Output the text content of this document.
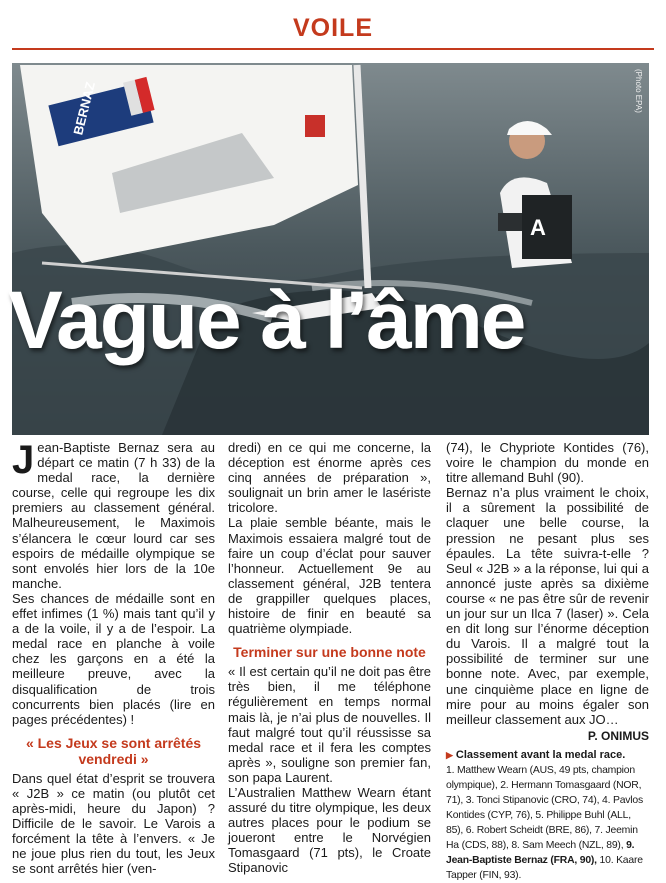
VOILE
BERNAZ
A
(Photo EPA)
Vague à l’âme

Jean-Baptiste Bernaz sera au départ ce matin (7 h 33) de la medal race, la dernière course, celle qui regroupe les dix premiers au classement général. Malheureusement, le Maximois s’élancera le cœur lourd car ses espoirs de médaille olympique se sont envolés hier lors de la 10e manche.

Ses chances de médaille sont en effet infimes (1 %) mais tant qu’il y a de la voile, il y a de l’espoir. La medal race en planche à voile chez les garçons en a été la meilleure preuve, avec la disqualification de trois concurrents bien placés (lire en pages précédentes) !

« Les Jeux se sont arrêtés vendredi »

Dans quel état d’esprit se trouvera « J2B » ce matin (ou plutôt cet après-midi, heure du Japon) ? Difficile de le savoir. Le Varois a forcément la tête à l’envers. « Je ne joue plus rien du tout, les Jeux se sont arrêtés hier (ven-

dredi) en ce qui me concerne, la déception est énorme après ces cinq années de préparation », soulignait un brin amer le lasériste tricolore.

La plaie semble béante, mais le Maximois essaiera malgré tout de faire un coup d’éclat pour sauver l’honneur. Actuellement 9e au classement général, J2B tentera de grappiller quelques places, histoire de finir en beauté sa quatrième olympiade.

Terminer sur une bonne note

« Il est certain qu’il ne doit pas être très bien, il me téléphone régulièrement en temps normal mais là, je n’ai plus de nouvelles. Il faut malgré tout qu’il réussisse sa medal race et il fera les comptes après », souligne son premier fan, son papa Laurent.

L’Australien Matthew Wearn étant assuré du titre olympique, les deux autres places pour le podium se joueront entre le Norvégien Tomasgaard (71 pts), le Croate Stipanovic

(74), le Chypriote Kontides (76), voire le champion du monde en titre allemand Buhl (90).

Bernaz n’a plus vraiment le choix, il a sûrement la possibilité de claquer une belle course, la pression ne pesant plus ses épaules. La tête suivra-t-elle ? Seul « J2B » a la réponse, lui qui a annoncé juste après sa dixième course « ne pas être sûr de revenir un jour sur un Ilca 7 (laser) ». Cela en dit long sur l’énorme déception du Varois. Il a malgré tout la possibilité de terminer sur une bonne note. Avec, par exemple, une cinquième place en ligne de mire pour au moins égaler son meilleur classement aux JO…

P. ONIMUS
▶ Classement avant la medal race.
1. Matthew Wearn (AUS, 49 pts, champion olympique), 2. Hermann Tomasgaard (NOR, 71), 3. Tonci Stipanovic (CRO, 74), 4. Pavlos Kontides (CYP, 76), 5. Philippe Buhl (ALL, 85), 6. Robert Scheidt (BRE, 86), 7. Jeemin Ha (CDS, 88), 8. Sam Meech (NZL, 89), 9. Jean-Baptiste Bernaz (FRA, 90), 10. Kaare Tapper (FIN, 93).
